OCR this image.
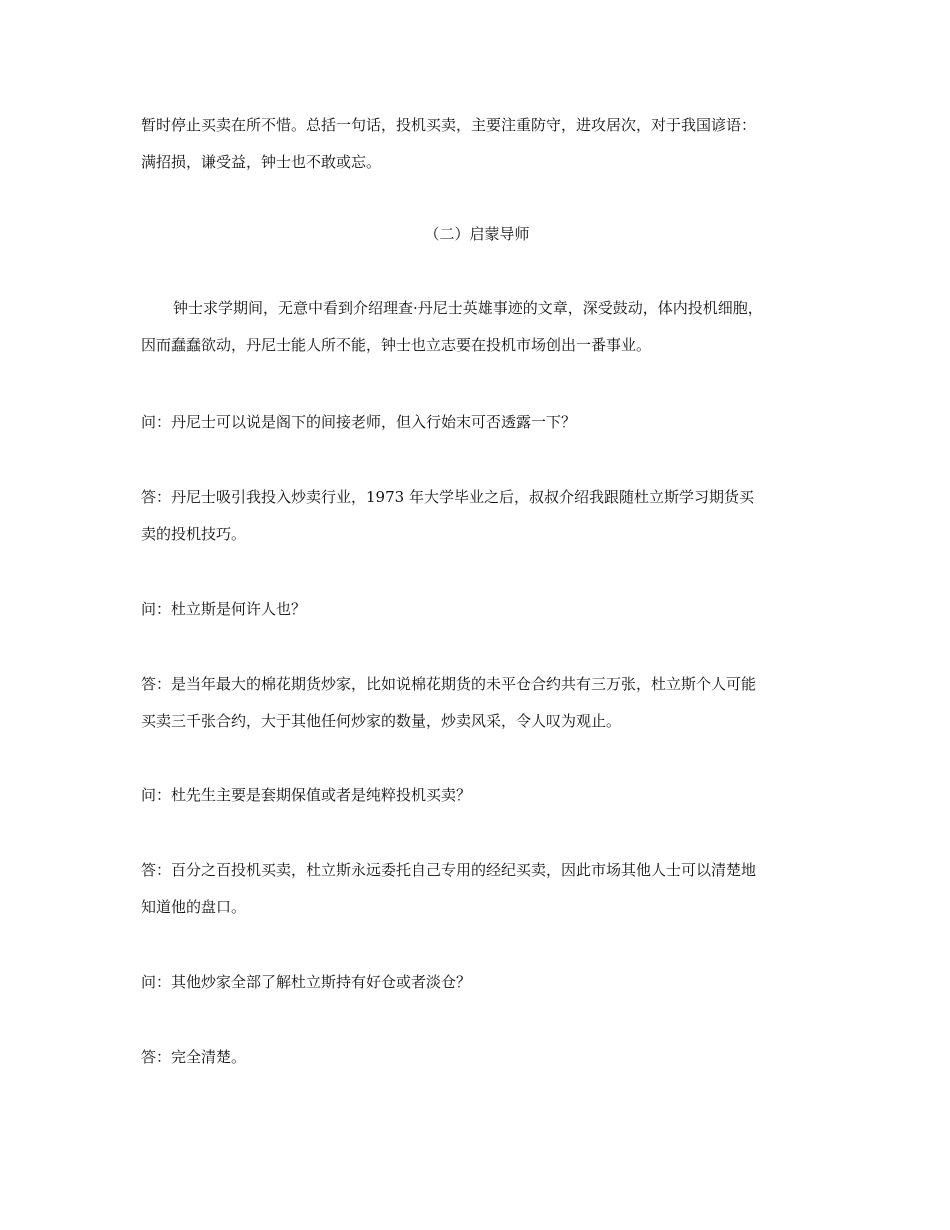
暂时停止买卖在所不惜。总括一句话，投机买卖，主要注重防守，进攻居次，对于我国谚语：
满招损，谦受益，钟士也不敢或忘。
（二）启蒙导师
钟士求学期间，无意中看到介绍理查·丹尼士英雄事迹的文章，深受鼓动，体内投机细胞，
因而蠢蠢欲动，丹尼士能人所不能，钟士也立志要在投机市场创出一番事业。
问：丹尼士可以说是阁下的间接老师，但入行始末可否透露一下？
答：丹尼士吸引我投入炒卖行业，1973 年大学毕业之后，叔叔介绍我跟随杜立斯学习期货买
卖的投机技巧。
问：杜立斯是何许人也？
答：是当年最大的棉花期货炒家，比如说棉花期货的未平仓合约共有三万张，杜立斯个人可能
买卖三千张合约，大于其他任何炒家的数量，炒卖风采，令人叹为观止。
问：杜先生主要是套期保值或者是纯粹投机买卖？
答：百分之百投机买卖，杜立斯永远委托自己专用的经纪买卖，因此市场其他人士可以清楚地
知道他的盘口。
问：其他炒家全部了解杜立斯持有好仓或者淡仓？
答：完全清楚。
